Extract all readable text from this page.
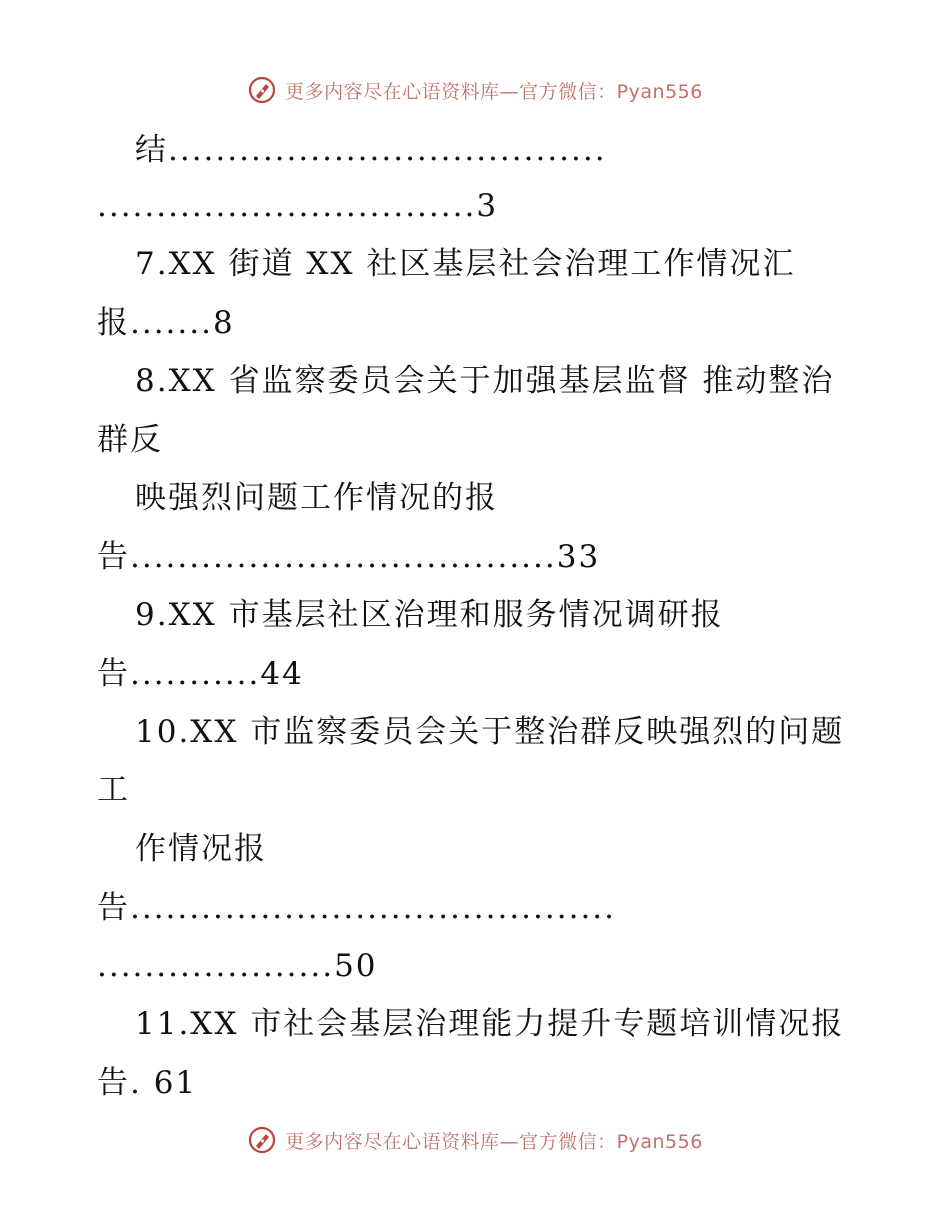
更多内容尽在心语资料库—官方微信：Pyan556
结.....................................
................................3
7.XX 街道 XX 社区基层社会治理工作情况汇
报.......8
8.XX 省监察委员会关于加强基层监督 推动整治
群反
映强烈问题工作情况的报
告....................................33
9.XX 市基层社区治理和服务情况调研报
告...........44
10.XX 市监察委员会关于整治群反映强烈的问题
工
作情况报
告.........................................
....................50
11.XX 市社会基层治理能力提升专题培训情况报
告. 61
更多内容尽在心语资料库—官方微信：Pyan556
